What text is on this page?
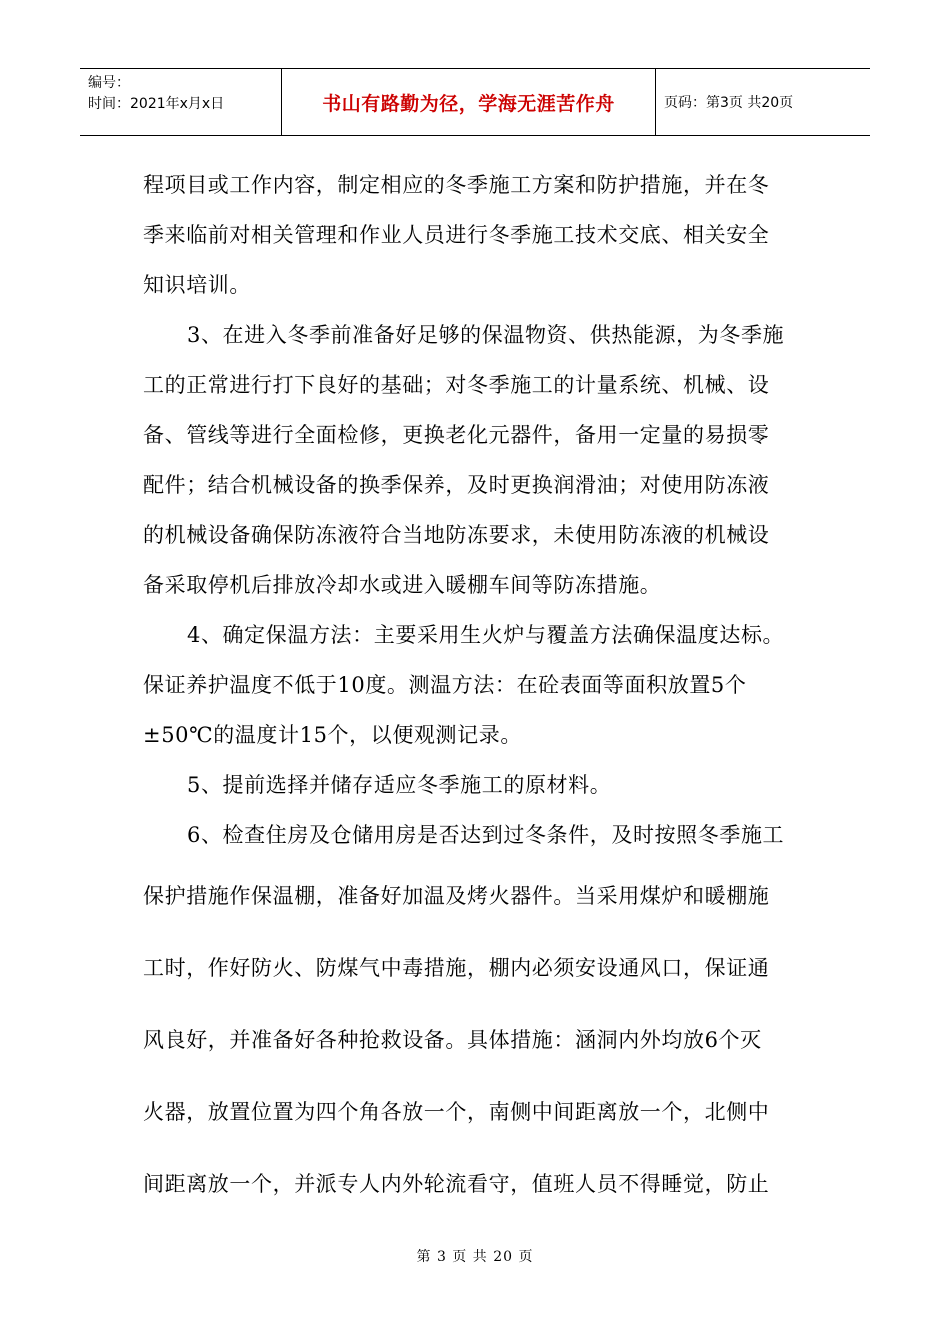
编号：
时间：2021年x月x日	书山有路勤为径，学海无涯苦作舟	页码：第3页 共20页
程项目或工作内容，制定相应的冬季施工方案和防护措施，并在冬
季来临前对相关管理和作业人员进行冬季施工技术交底、相关安全
知识培训。
3、在进入冬季前准备好足够的保温物资、供热能源，为冬季施
工的正常进行打下良好的基础；对冬季施工的计量系统、机械、设
备、管线等进行全面检修，更换老化元器件，备用一定量的易损零
配件；结合机械设备的换季保养，及时更换润滑油；对使用防冻液
的机械设备确保防冻液符合当地防冻要求，未使用防冻液的机械设
备采取停机后排放冷却水或进入暖棚车间等防冻措施。
4、确定保温方法：主要采用生火炉与覆盖方法确保温度达标。
保证养护温度不低于10度。测温方法：在砼表面等面积放置5个
±50℃的温度计15个，以便观测记录。
5、提前选择并储存适应冬季施工的原材料。
6、检查住房及仓储用房是否达到过冬条件，及时按照冬季施工
保护措施作保温棚，准备好加温及烤火器件。当采用煤炉和暖棚施
工时，作好防火、防煤气中毒措施，棚内必须安设通风口，保证通
风良好，并准备好各种抢救设备。具体措施：涵洞内外均放6个灭
火器，放置位置为四个角各放一个，南侧中间距离放一个，北侧中
间距离放一个，并派专人内外轮流看守，值班人员不得睡觉，防止
第 3 页 共 20 页
